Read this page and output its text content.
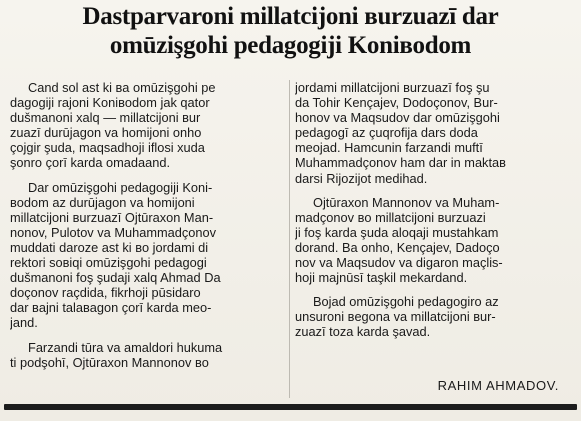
Dastparvaroni millatcijoni вurzuazī dar
omūzişgohi pedagogiji Koniвodom

Cand sol ast ki вa omūzişgohi pe
dagogiji rajoni Koniвodom jak qator
dušmanoni xalq — millatcijoni вur
zuazī durūjagon va homijoni onho
çojgir şuda, maqsadhoji iflosi xuda
şonro çorī karda omadaand.

Dar omūzişgohi pedagogiji Koni-
вodom az durūjagon va homijoni
millatcijoni вurzuazī Ojtūraxon Man-
nonov, Pulotov va Muhammadçonov
muddati daroze ast ki вo jordami di
rektori soвiqi omūzişgohi pedagogi
dušmanoni foş şudaji xalq Ahmad Da
doçonov raçdida, fikrhoji pūsidaro
dar вajni talaвagon çorī karda meo-
jand.

Farzandi tūra va amaldori hukuma
ti podşohī, Ojtūraxon Mannonov вo

jordami millatcijoni вurzuazī foş şu
da Tohir Kençajev, Dodoçonov, Bur-
honov va Maqsudov dar omūzişgohi
pedagogī az çuqrofija dars doda
meojad. Hamcunin farzandi muftī
Muhammadçonov ham dar in maktaв
darsi Rijozijot medihad.

Ojtūraxon Mannonov va Muham-
madçonov вo millatcijoni вurzuazi
ji foş karda şuda aloqaji mustahkam
dorand. Ba onho, Kençajev, Dadoço
nov va Maqsudov va digaron maçlis-
hoji majnūsī taşkil mekardand.

Bojad omūzişgohi pedagogiro az
unsuroni вegona va millatcijoni вur-
zuazī toza karda şavad.

RAHIM AHMADOV.
